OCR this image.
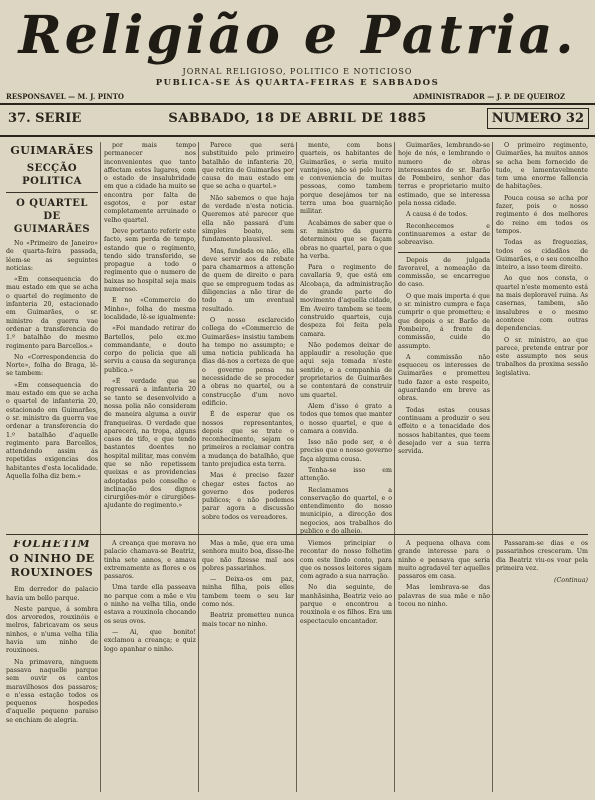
Religião e Patria.
JORNAL RELIGIOSO, POLITICO E NOTICIOSO
PUBLICA-SE ÁS QUARTA-FEIRAS E SABBADOS
RESPONSAVEL — M. J. PINTO	ADMINISTRADOR — J. P. DE QUEIROZ
37. SERIE	SABBADO, 18 DE ABRIL DE 1885	NUMERO 32
GUIMARÃES
SECÇÃO POLITICA
O QUARTEL DE GUIMARÃES

No «Primeiro de Janeiro» de quarta-feira passada, lêem-se as seguintes noticias:

«Em consequencia do mau estado em que se acha o quartel do regimento de infanteria 20, estacionado em Guimarães, o sr. ministro da guerra vae ordenar a transferencia do 1.º batalhão do mesmo regimento para Barcellos.»

No «Correspondencia do Norte», folha do Braga, lê-se tambem:

«Em consequencia do mau estado em que se acha o quartel de infanteria 20, estacionado em Guimarães, o sr. ministro da guerra vae ordenar a transferencia do 1.º batalhão d'aquelle regimento para Barcellos, attendendo assim ás repetidas exigencias dos habitantes d'esta localidade. Aquella folha diz bem.»

por mais tempo permanecer nos inconvenientes que tanto affectam estes lugares, com o estado de insalubridade em que a cidade ha muito se encontra por falta de esgotos, e por estar completamente arruinado o velho quartel.

Deve portanto referir este facto, sem perda de tempo, estando que o regimento, tendo sido transferido, se propague a todo o regimento que o numero de baixas no hospital seja mais numeroso.

E no «Commercio do Minho», folha do mesma localidade, lê-se igualmente:

«Foi mandado retirar do Bartellos, pelo ex.mo commandante, e douto corpo do policia que ali serviu a causa da segurança publica.»

«É verdade que se regressará a infanteria 20 se tanto se desenvolvido a nossa polia não consideram de maneira alguma a ouvir franqueiras. O verdade que aparecerá, na tropa, alguns casos de tifo, e que tendo bastantes doentes no hospital militar, mas convém que se não repetissem queixas e as providencias adoptadas pelo conselho e inclinação dos dignos cirurgiões-mór e cirurgiões-ajudante do regimento.»

Parece que será substituido pelo primeiro batalhão de infanteria 20, que retira de Guimarães por causa do mau estado em que se acha o quartel.»

Não sabemos o que haja de verdade n'esta noticia. Queremos até parecer que ella não passará d'um simples boato, sem fundamento plausivel.

Mas, fundada ou não, ella deve servir aos de rebate para chamarmos a attenção de quem de direito e para que se empreguem todas as diligencias a não tirar de todo a um eventual resultado.

O nosso esclarecido collega do «Commercio de Guimarães» insistiu tambem ha tempo no assumpto; e uma noticia publicada ha dias dá-nos a certeza de que o governo pensa na necessidade de se proceder a obras no quartel, ou a construcção d'um novo edificio.

É de esperar que os nossos representantes, depois que se trate o reconhecimento, sejam os primeiros a reclamar contra a mudança do batalhão, que tanto prejudica esta terra.

Mas é preciso fazer chegar estes factos ao governo dos poderes publicos; e não podemos parar agora a discussão sobre todos os vereadores.

mente, com bons quarteis, os habitantes de Guimarães, e seria muito vantajoso, não só pelo lucro e conveniencia de muitas pessoas, como tambem porque desejámos ter na terra uma boa guarnição militar.

Acabámos de saber que o sr. ministro da guerra determinou que se façam obras no quartel, para o que ha verba.

Para o regimento de cavallaria 9, que está em Alcobaça, da administração de grande parte do movimento d'aquella cidade, Em Aveiro tambem se teem construido quarteis, cuja despeza foi feita pela camara.

Não podemos deixar de applaudir a resolução que aqui seja tomada n'este sentido, e a companhia de proprietarios de Guimarães se contentará de construir um quartel.

Alem d'isso é grato a todos que temos que manter o nosso quartel, e que a camara a convida.

Isso não pode ser, e é preciso que o nosso governo faça alguma cousa.

Tenha-se isso em attenção.

Reclamamos a conservação do quartel, e o entendimento do nosso municipio, a direcção dos negocios, aos trabalhos do publico e do alheio.

Guimarães, lembrando-se hoje de nós, e lembrando o numero de obras interessantes do sr. Barão de Pombeiro, senhor das terras e proprietario muito estimado, que se interessa pela nossa cidade.

A causa é de todos.

Reconhecemos e continuaremos a estar de sobreaviso.

Depois de julgada favoravel, a nomeação da commissão, se encarregue do caso.

O que mais importa é que o sr. ministro cumpra e faça cumprir o que prometteu; e que depois o sr. Barão de Pombeiro, á frente da commissão, cuide do assumpto.

A commissão não esqueceu os interesses de Guimarães e prometteu tudo fazer a este respeito, aguardando em breve as obras.

Todas estas cousas continuam a produzir o seu effeito e a tenacidade dos nossos habitantes, que teem desejado ver a sua terra servida.

O primeiro regimento, Guimarães, ha muitos annos se acha bem fornecido de tudo, e lamentavelmente tem uma enorme fallencia de habitações.

Pouca cousa se acha por fazer, pois o nosso regimento é dos melhores do reino em todos os tempos.

Todas as freguezias, todos os cidadãos de Guimarães, e o seu concelho inteiro, a isso teem direito.

Ao que nos consta, o quartel n'este momento está na mais deploravel ruina. As casernas, tambem, são insalubres e o mesmo acontece com outras dependencias.

O sr. ministro, ao que parece, pretende entrar por este assumpto nos seus trabalhos da proxima sessão legislativa.

FOLHETIM
O NINHO DE ROUXINOES

Em derredor do palacio havia um bello parque.

Neste parque, á sombra dos arvoredos, rouxinóis e melros, fabricavam os seus ninhos, e n'uma velha tilia havia um ninho de rouxinoes.

Na primavera, ninguem passava naquelle parque sem ouvir os cantos maravilhosos dos passaros; e n'essa estação todos os pequenos hospedes d'aquelle pequeno paraiso se enchiam de alegria.

A creança que morava no palacio chamava-se Beatriz, tinha sete annos, e amava extremamente as flores e os passaros.

Uma tarde ella passeava no parque com a mãe e viu o ninho na velha tilia, onde estava a rouxinola chocando os seus ovos.

— Ai, que bonito! exclamou a creança; e quiz logo apanhar o ninho.

Mas a mãe, que era uma senhora muito boa, disse-lhe que não fizesse mal aos pobres passarinhos.

— Deixa-os em paz, minha filha, pois elles tambem teem o seu lar como nós.

Beatriz prometteu nunca mais tocar no ninho.

Viemos principiar o recontar do nosso folhetim com este lindo conto, para que os nossos leitores sigam com agrado a sua narração.

No dia seguinte, de manhãsinha, Beatriz veio ao parque e encontrou a rouxinola e os filhos. Era um espectaculo encantador.

A pequena olhava com grande interesse para o ninho e pensava que seria muito agradavel ter aquelles passaros em casa.

Mas lembrava-se das palavras de sua mãe e não tocou no ninho.

Passaram-se dias e os passarinhos cresceram. Um dia Beatriz viu-os voar pela primeira vez.

(Continua)
